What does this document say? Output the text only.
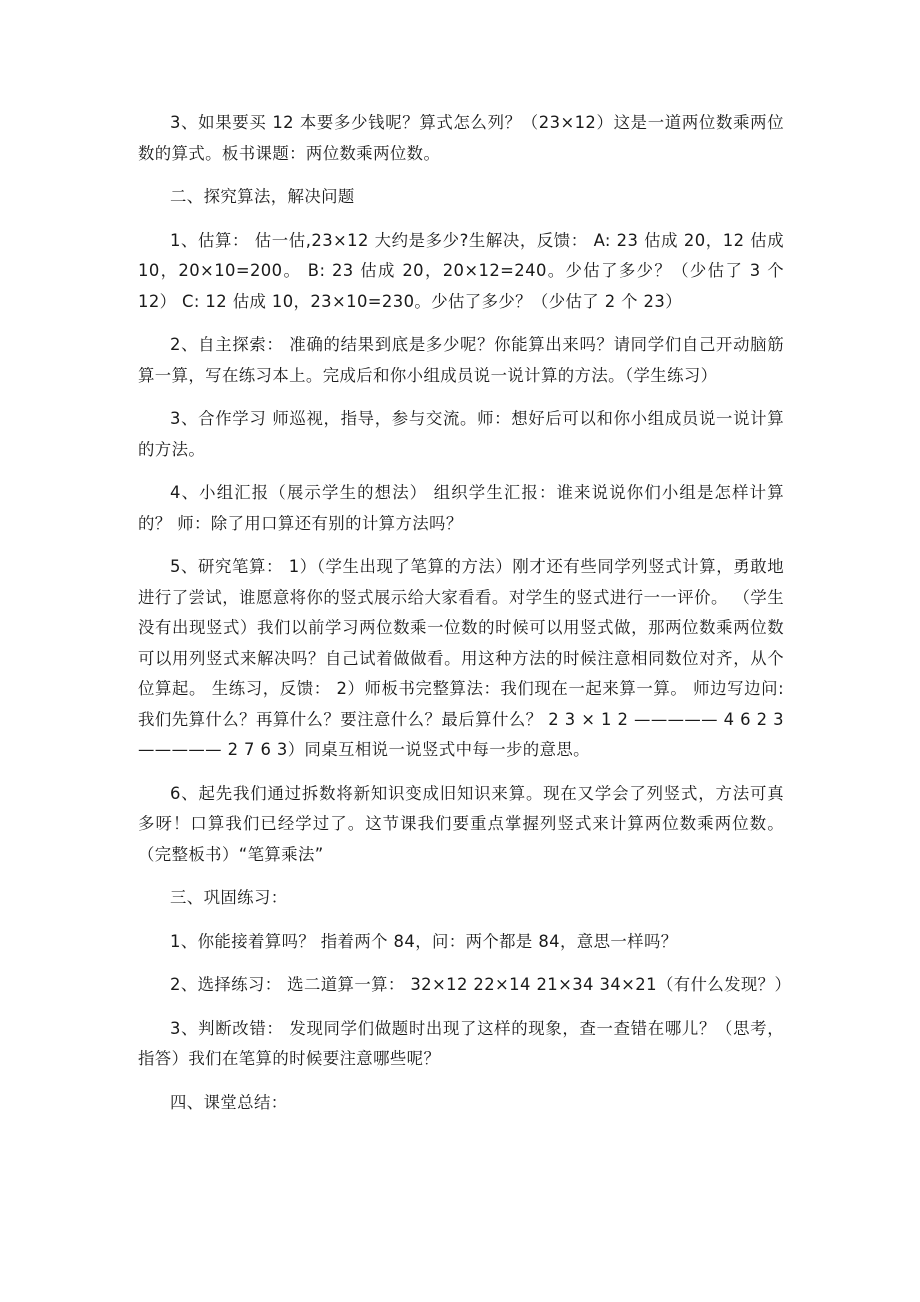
3、如果要买 12 本要多少钱呢？算式怎么列？（23×12）这是一道两位数乘两位数的算式。板书课题：两位数乘两位数。

二、探究算法，解决问题

1、估算： 估一估,23×12 大约是多少?生解决，反馈： A: 23 估成 20，12 估成 10，20×10=200。 B: 23 估成 20，20×12=240。少估了多少？（少估了 3 个 12） C: 12 估成 10，23×10=230。少估了多少？（少估了 2 个 23）

2、自主探索： 准确的结果到底是多少呢？你能算出来吗？请同学们自己开动脑筋算一算，写在练习本上。完成后和你小组成员说一说计算的方法。（学生练习）

3、合作学习 师巡视，指导，参与交流。师：想好后可以和你小组成员说一说计算的方法。

4、小组汇报（展示学生的想法） 组织学生汇报：谁来说说你们小组是怎样计算的？ 师：除了用口算还有别的计算方法吗？

5、研究笔算： 1）（学生出现了笔算的方法）刚才还有些同学列竖式计算，勇敢地进行了尝试，谁愿意将你的竖式展示给大家看看。对学生的竖式进行一一评价。 （学生没有出现竖式）我们以前学习两位数乘一位数的时候可以用竖式做，那两位数乘两位数可以用列竖式来解决吗？自己试着做做看。用这种方法的时候注意相同数位对齐，从个位算起。 生练习，反馈： 2）师板书完整算法：我们现在一起来算一算。 师边写边问:我们先算什么？再算什么？要注意什么？最后算什么？ 2 3 × 1 2 ————— 4 6 2 3 ————— 2 7 6 3）同桌互相说一说竖式中每一步的意思。

6、起先我们通过拆数将新知识变成旧知识来算。现在又学会了列竖式，方法可真多呀！口算我们已经学过了。这节课我们要重点掌握列竖式来计算两位数乘两位数。（完整板书）“笔算乘法”

三、巩固练习：

1、你能接着算吗？ 指着两个 84，问：两个都是 84，意思一样吗？

2、选择练习： 选二道算一算： 32×12 22×14 21×34 34×21（有什么发现？）

3、判断改错： 发现同学们做题时出现了这样的现象，查一查错在哪儿？（思考，指答）我们在笔算的时候要注意哪些呢？

四、课堂总结：
